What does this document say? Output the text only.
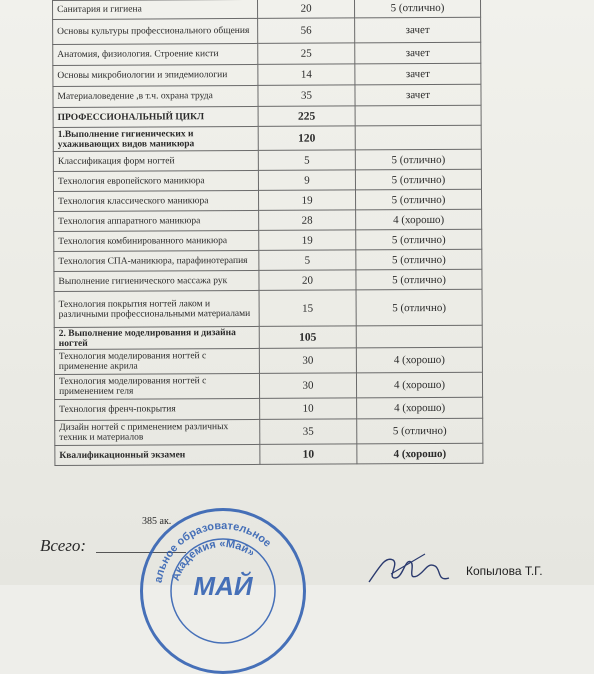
Санитария и гигиена	20	5 (отлично)
Основы культуры профессионального общения	56	зачет
Анатомия, физиология. Строение кисти	25	зачет
Основы микробиологии и эпидемиологии	14	зачет
Материаловедение ,в т.ч. охрана труда	35	зачет
ПРОФЕССИОНАЛЬНЫЙ ЦИКЛ	225	
1.Выполнение гигиенических и ухаживающих видов маникюра	120	
Классификация форм ногтей	5	5 (отлично)
Технология европейского маникюра	9	5 (отлично)
Технология классического маникюра	19	5 (отлично)
Технология аппаратного маникюра	28	4 (хорошо)
Технология комбинированного маникюра	19	5 (отлично)
Технология СПА-маникюра, парафинотерапия	5	5 (отлично)
Выполнение гигиенического массажа рук	20	5 (отлично)
Технология покрытия ногтей лаком и различными профессиональными материалами	15	5 (отлично)
2. Выполнение моделирования и дизайна ногтей	105	
Технология моделирования ногтей с применение акрила	30	4 (хорошо)
Технология моделирования ногтей с применением геля	30	4 (хорошо)
Технология френч-покрытия	10	4 (хорошо)
Дизайн ногтей с применением различных техник и материалов	35	5 (отлично)
Квалификационный экзамен	10	4 (хорошо)
385 ак.
Всего:
альное образовательное
Академия «Май»
МАЙ	Копылова Т.Г.
